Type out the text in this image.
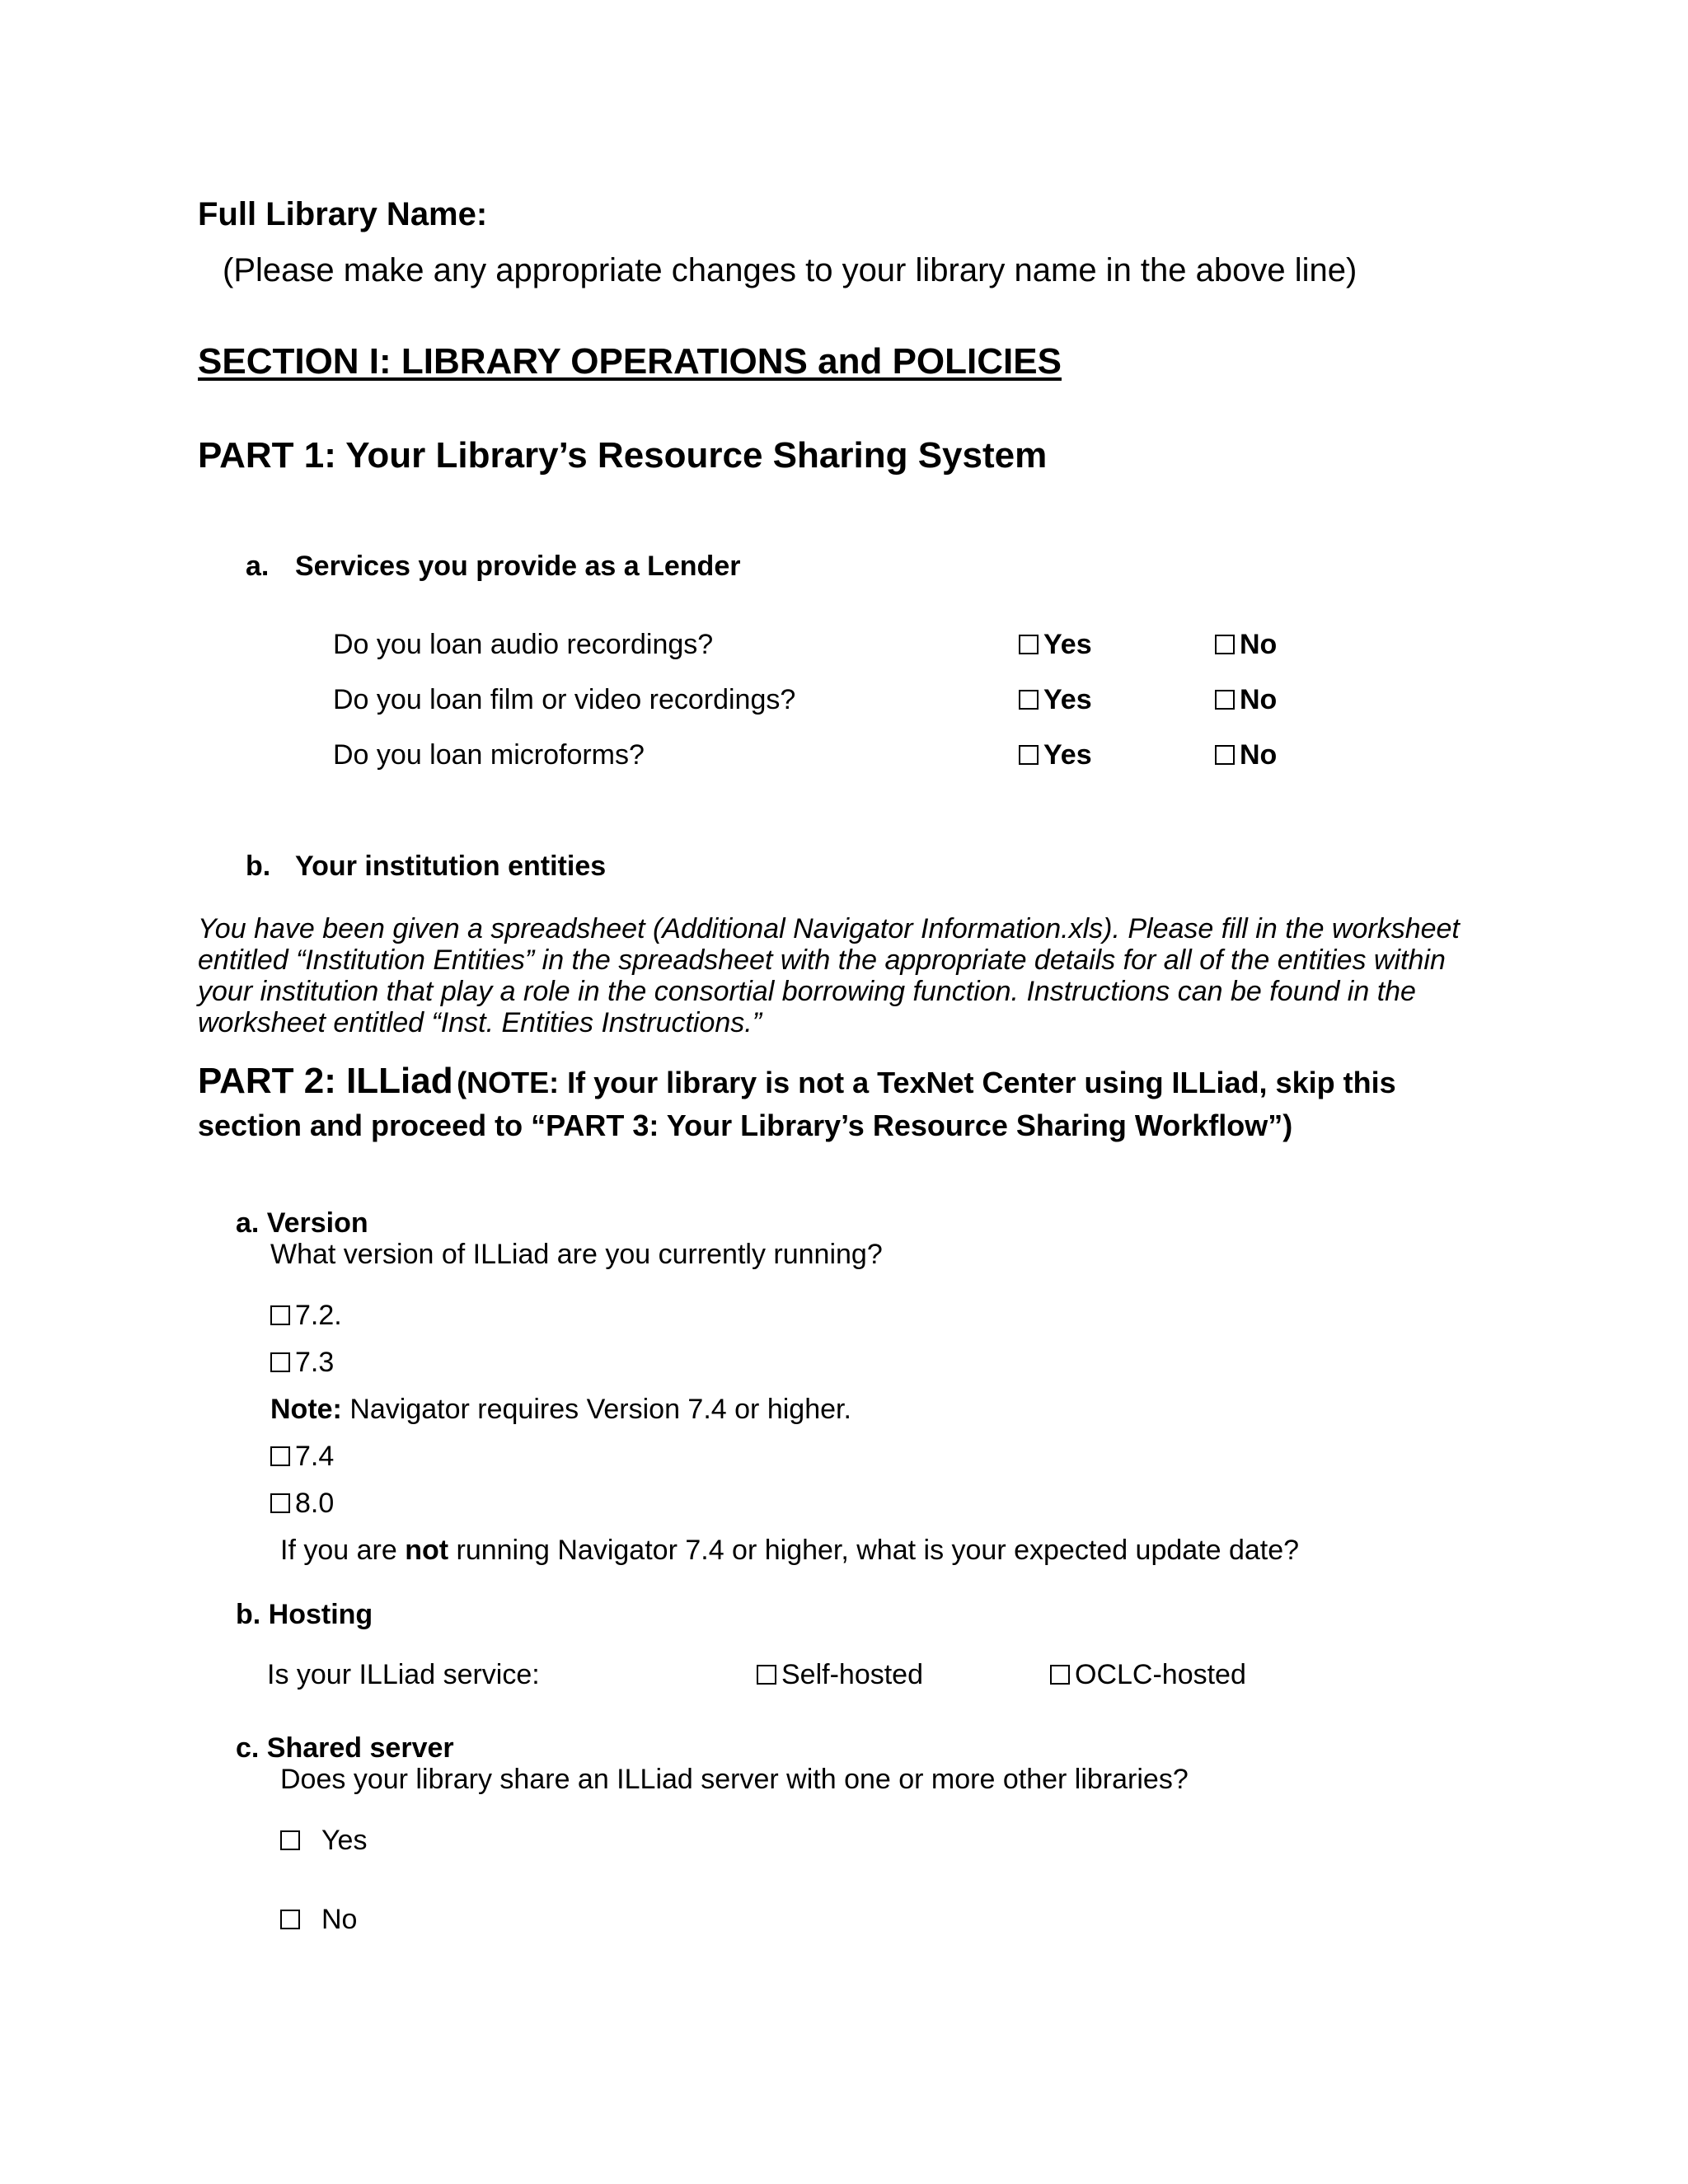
Full Library Name:
(Please make any appropriate changes to your library name in the above line)
SECTION I: LIBRARY OPERATIONS and POLICIES
PART 1: Your Library’s Resource Sharing System
a. Services you provide as a Lender
Do you loan audio recordings?	Yes	No
Do you loan film or video recordings?	Yes	No
Do you loan microforms?	Yes	No
b. Your institution entities
You have been given a spreadsheet (Additional Navigator Information.xls). Please fill in the worksheet entitled “Institution Entities” in the spreadsheet with the appropriate details for all of the entities within your institution that play a role in the consortial borrowing function. Instructions can be found in the worksheet entitled “Inst. Entities Instructions.”
PART 2: ILLiad (NOTE: If your library is not a TexNet Center using ILLiad, skip this section and proceed to “PART 3: Your Library’s Resource Sharing Workflow”)
a. Version
What version of ILLiad are you currently running?
7.2.
7.3
Note: Navigator requires Version 7.4 or higher.
7.4
8.0
If you are not running Navigator 7.4 or higher, what is your expected update date?
b. Hosting
Is your ILLiad service:	Self-hosted	OCLC-hosted
c. Shared server
Does your library share an ILLiad server with one or more other libraries?
Yes
No
